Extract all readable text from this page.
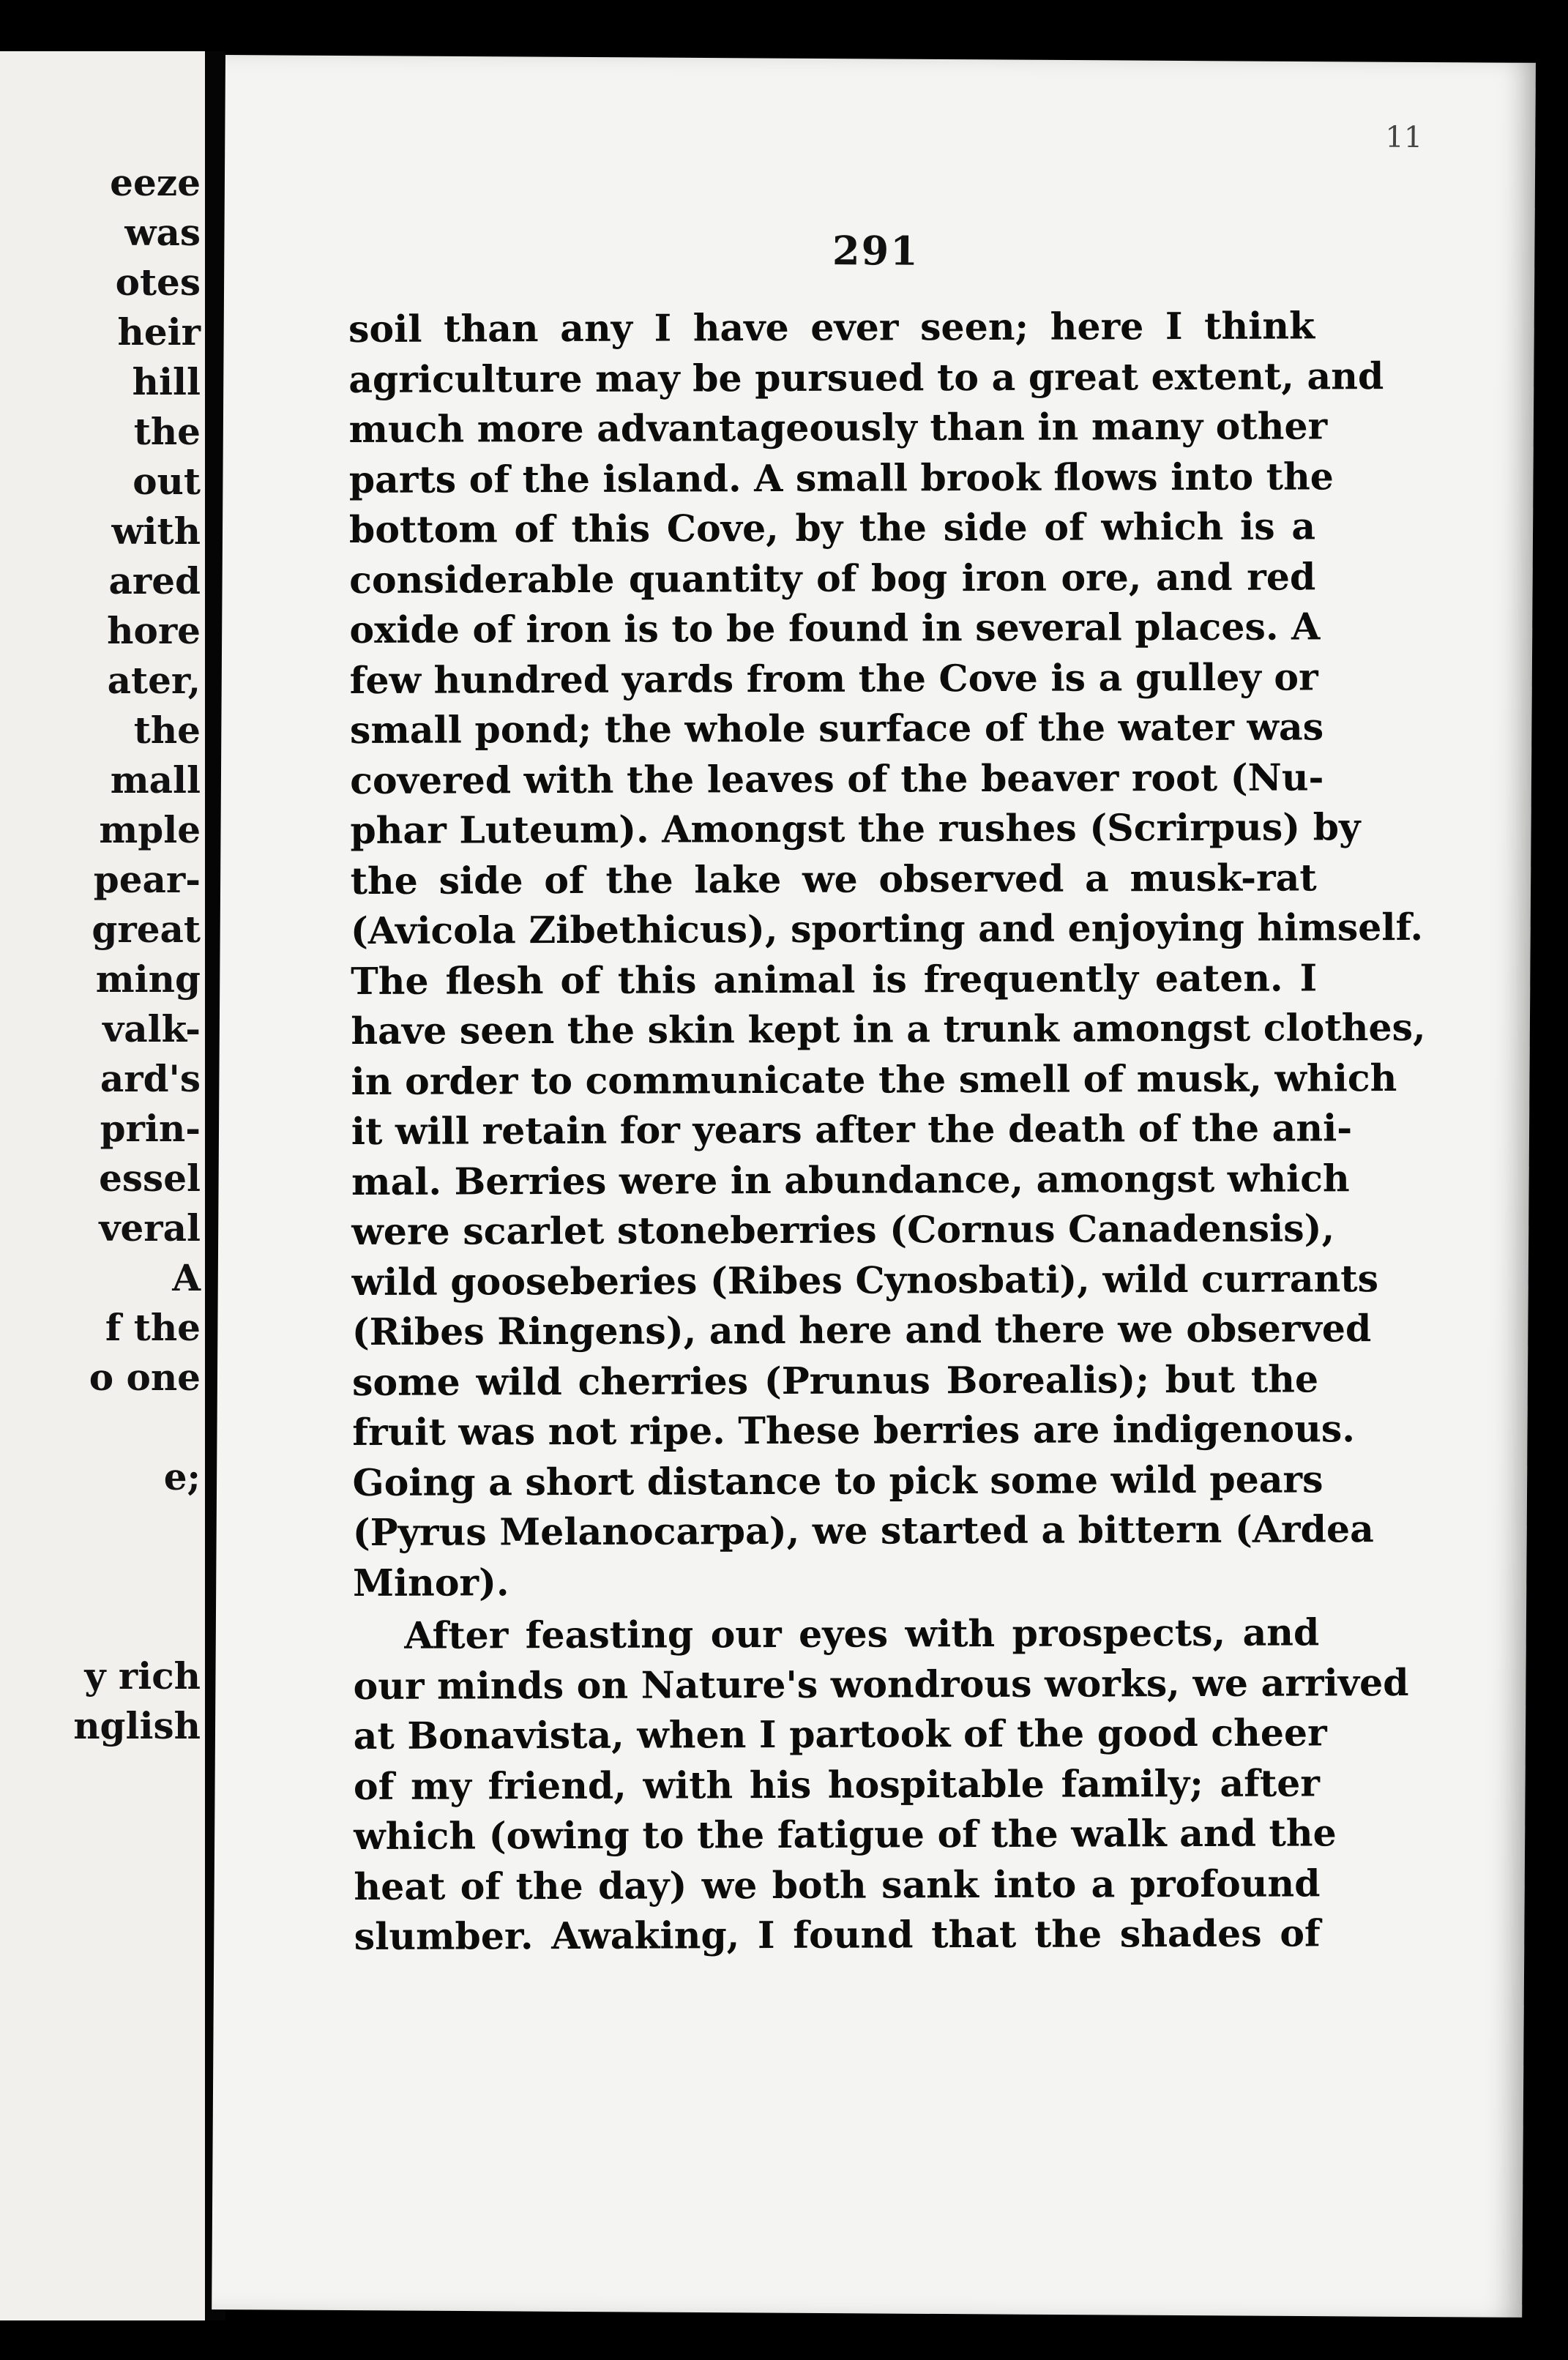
eeze
was
otes
heir
hill
the
out
with
ared
hore
ater,
the
mall
mple
pear-
great
ming
valk-
ard's
prin-
essel
veral
A
f the
o one
e;
y rich
nglish
11
291
soil than any I have ever seen; here I think
agriculture may be pursued to a great extent, and
much more advantageously than in many other
parts of the island. A small brook flows into the
bottom of this Cove, by the side of which is a
considerable quantity of bog iron ore, and red
oxide of iron is to be found in several places. A
few hundred yards from the Cove is a gulley or
small pond; the whole surface of the water was
covered with the leaves of the beaver root (Nu-
phar Luteum). Amongst the rushes (Scrirpus) by
the side of the lake we observed a musk-rat
(Avicola Zibethicus), sporting and enjoying himself.
The flesh of this animal is frequently eaten. I
have seen the skin kept in a trunk amongst clothes,
in order to communicate the smell of musk, which
it will retain for years after the death of the ani-
mal. Berries were in abundance, amongst which
were scarlet stoneberries (Cornus Canadensis),
wild gooseberies (Ribes Cynosbati), wild currants
(Ribes Ringens), and here and there we observed
some wild cherries (Prunus Borealis); but the
fruit was not ripe. These berries are indigenous.
Going a short distance to pick some wild pears
(Pyrus Melanocarpa), we started a bittern (Ardea
Minor).
After feasting our eyes with prospects, and
our minds on Nature's wondrous works, we arrived
at Bonavista, when I partook of the good cheer
of my friend, with his hospitable family; after
which (owing to the fatigue of the walk and the
heat of the day) we both sank into a profound
slumber. Awaking, I found that the shades of
